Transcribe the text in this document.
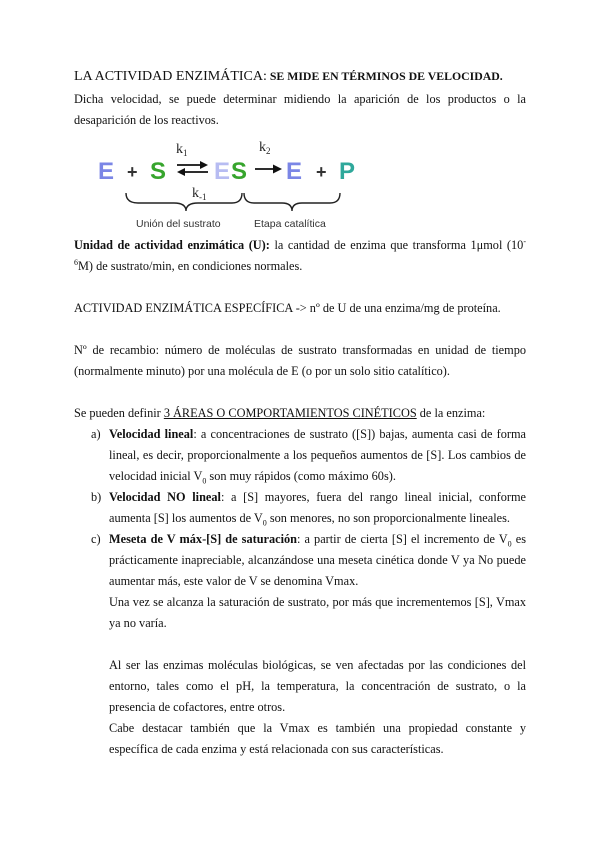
LA ACTIVIDAD ENZIMÁTICA: SE MIDE EN TÉRMINOS DE VELOCIDAD.

Dicha velocidad, se puede determinar midiendo la aparición de los productos o la desaparición de los reactivos.

E + S E S E + P
$k_1$
$k_{-1}$
$k_2$
Unión del sustrato	Etapa catalítica

Unidad de actividad enzimática (U): la cantidad de enzima que transforma 1μmol $(10^{-6}M)$ de sustrato/min, en condiciones normales.

ACTIVIDAD ENZIMÁTICA ESPECÍFICA -> nº de U de una enzima/mg de proteína.

Nº de recambio: número de moléculas de sustrato transformadas en unidad de tiempo (normalmente minuto) por una molécula de E (o por un solo sitio catalítico).

Se pueden definir 3 ÁREAS O COMPORTAMIENTOS CINÉTICOS de la enzima:

a) Velocidad lineal: a concentraciones de sustrato ([S]) bajas, aumenta casi de forma lineal, es decir, proporcionalmente a los pequeños aumentos de [S]. Los cambios de velocidad inicial $V_0$ son muy rápidos (como máximo 60s).
b) Velocidad NO lineal: a [S] mayores, fuera del rango lineal inicial, conforme aumenta [S] los aumentos de $V_0$ son menores, no son proporcionalmente lineales.
c) Meseta de V máx-[S] de saturación: a partir de cierta [S] el incremento de $V_0$ es prácticamente inapreciable, alcanzándose una meseta cinética donde V ya No puede aumentar más, este valor de V se denomina Vmax.

Una vez se alcanza la saturación de sustrato, por más que incrementemos [S], Vmax ya no varía.

Al ser las enzimas moléculas biológicas, se ven afectadas por las condiciones del entorno, tales como el pH, la temperatura, la concentración de sustrato, o la presencia de cofactores, entre otros.

Cabe destacar también que la Vmax es también una propiedad constante y específica de cada enzima y está relacionada con sus características.
